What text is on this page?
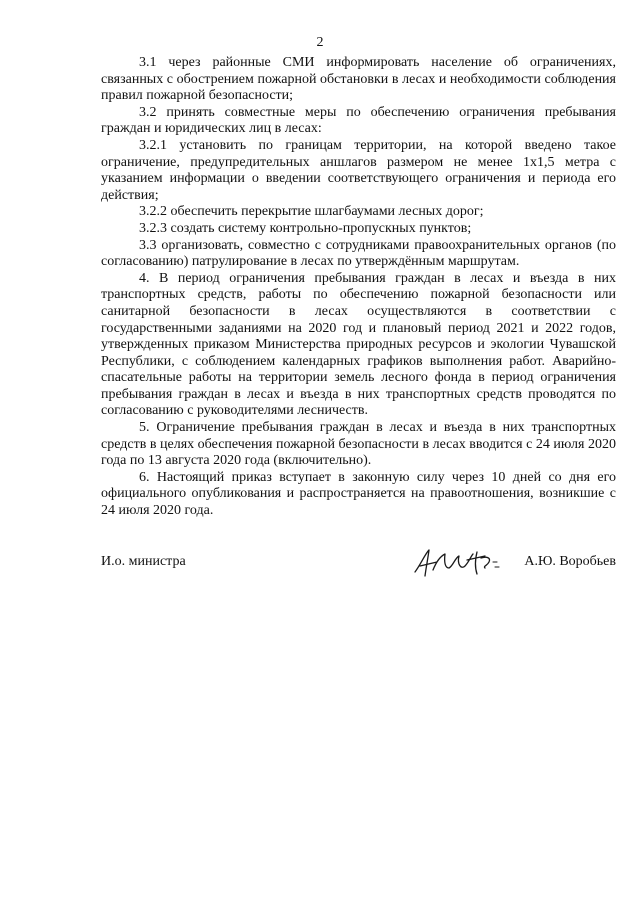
2

3.1 через районные СМИ информировать население об ограничениях, связанных с обострением пожарной обстановки в лесах и необходимости соблюдения правил пожарной безопасности;

3.2 принять совместные меры по обеспечению ограничения пребывания граждан и юридических лиц в лесах:

3.2.1 установить по границам территории, на которой введено такое ограничение, предупредительных аншлагов размером не менее 1х1,5 метра с указанием информации о введении соответствующего ограничения и периода его действия;

3.2.2 обеспечить перекрытие шлагбаумами лесных дорог;

3.2.3 создать систему контрольно-пропускных пунктов;

3.3 организовать, совместно с сотрудниками правоохранительных органов (по согласованию) патрулирование в лесах по утверждённым маршрутам.

4. В период ограничения пребывания граждан в лесах и въезда в них транспортных средств, работы по обеспечению пожарной безопасности или санитарной безопасности в лесах осуществляются в соответствии с государственными заданиями на 2020 год и плановый период 2021 и 2022 годов, утвержденных приказом Министерства природных ресурсов и экологии Чувашской Республики, с соблюдением календарных графиков выполнения работ. Аварийно-спасательные работы на территории земель лесного фонда в период ограничения пребывания граждан в лесах и въезда в них транспортных средств проводятся по согласованию с руководителями лесничеств.

5. Ограничение пребывания граждан в лесах и въезда в них транспортных средств в целях обеспечения пожарной безопасности в лесах вводится с 24 июля 2020 года по 13 августа 2020 года (включительно).

6. Настоящий приказ вступает в законную силу через 10 дней со дня его официального опубликования и распространяется на правоотношения, возникшие с 24 июля 2020 года.

И.о. министра	А.Ю. Воробьев
